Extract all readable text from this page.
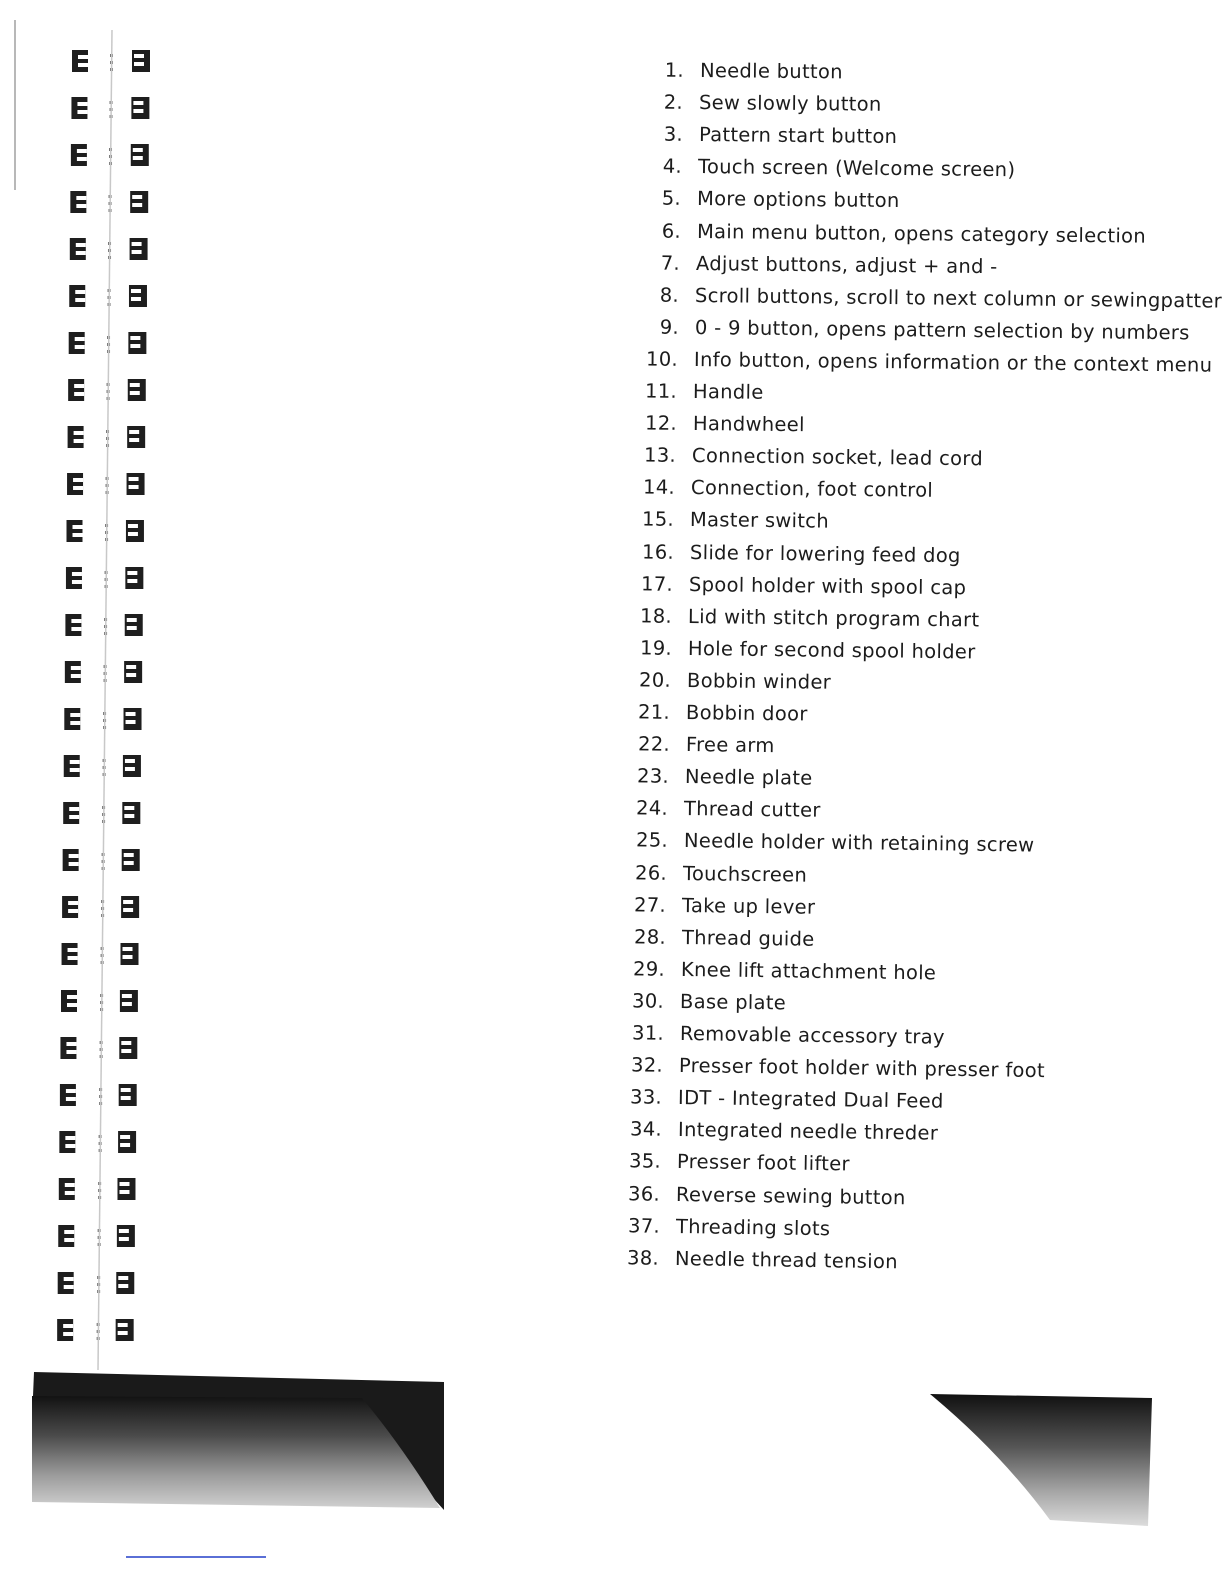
1. Needle button
2. Sew slowly button
3. Pattern start button
4. Touch screen (Welcome screen)
5. More options button
6. Main menu button, opens category selection
7. Adjust buttons, adjust + and -
8. Scroll buttons, scroll to next column or sewingpatter
9. 0 - 9 button, opens pattern selection by numbers
10. Info button, opens information or the context menu
11. Handle
12. Handwheel
13. Connection socket, lead cord
14. Connection, foot control
15. Master switch
16. Slide for lowering feed dog
17. Spool holder with spool cap
18. Lid with stitch program chart
19. Hole for second spool holder
20. Bobbin winder
21. Bobbin door
22. Free arm
23. Needle plate
24. Thread cutter
25. Needle holder with retaining screw
26. Touchscreen
27. Take up lever
28. Thread guide
29. Knee lift attachment hole
30. Base plate
31. Removable accessory tray
32. Presser foot holder with presser foot
33. IDT - Integrated Dual Feed
34. Integrated needle threder
35. Presser foot lifter
36. Reverse sewing button
37. Threading slots
38. Needle thread tension
